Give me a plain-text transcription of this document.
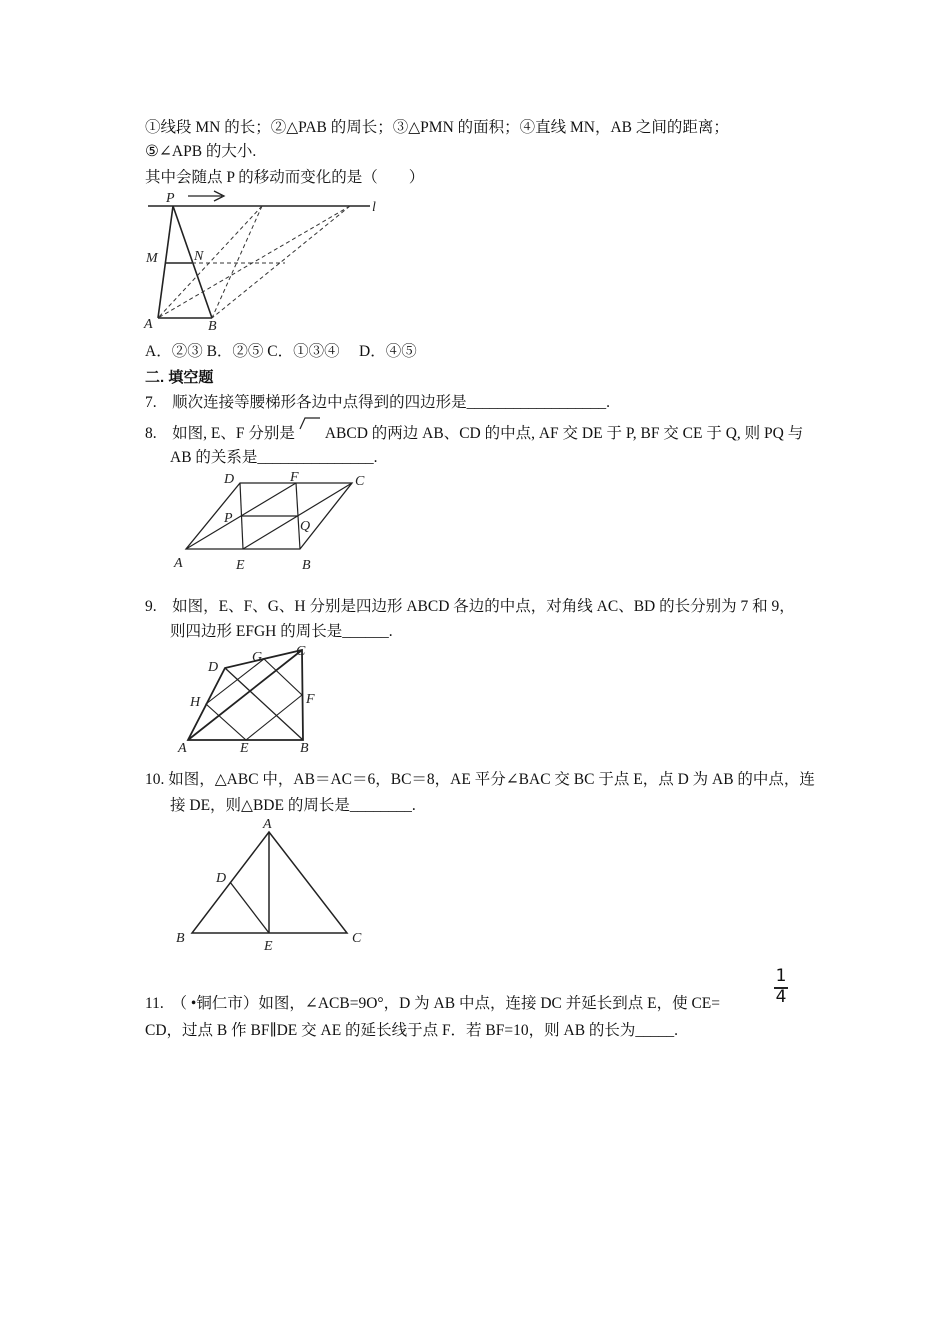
①线段 MN 的长；②△PAB 的周长；③△PMN 的面积；④直线 MN，AB 之间的距离；
⑤∠APB 的大小.
其中会随点 P 的移动而变化的是（　　）
P
l
M	N
A	B
A．②③ B．②⑤ C．①③④　 D．④⑤
二. 填空题
7.　顺次连接等腰梯形各边中点得到的四边形是__________________.
8.　如图, E、F 分别是 ABCD 的两边 AB、CD 的中点, AF 交 DE 于 P, BF 交 CE 于 Q, 则 PQ 与
AB 的关系是_______________.
D	F	C
P
Q
A	E	B
9.　如图，E、F、G、H 分别是四边形 ABCD 各边的中点，对角线 AC、BD 的长分别为 7 和 9，
则四边形 EFGH 的周长是______.
D
G C
H	F
A	E	B
10. 如图，△ABC 中，AB＝AC＝6，BC＝8，AE 平分∠BAC 交 BC 于点 E，点 D 为 AB 的中点，连
接 DE，则△BDE 的周长是________.
A
D
B
E
C
11.　（ •铜仁市）如图，∠ACB=9O°，D 为 AB 中点，连接 DC 并延长到点 E，使 CE=
1
4
CD，过点 B 作 BF∥DE 交 AE 的延长线于点 F．若 BF=10，则 AB 的长为_____.
